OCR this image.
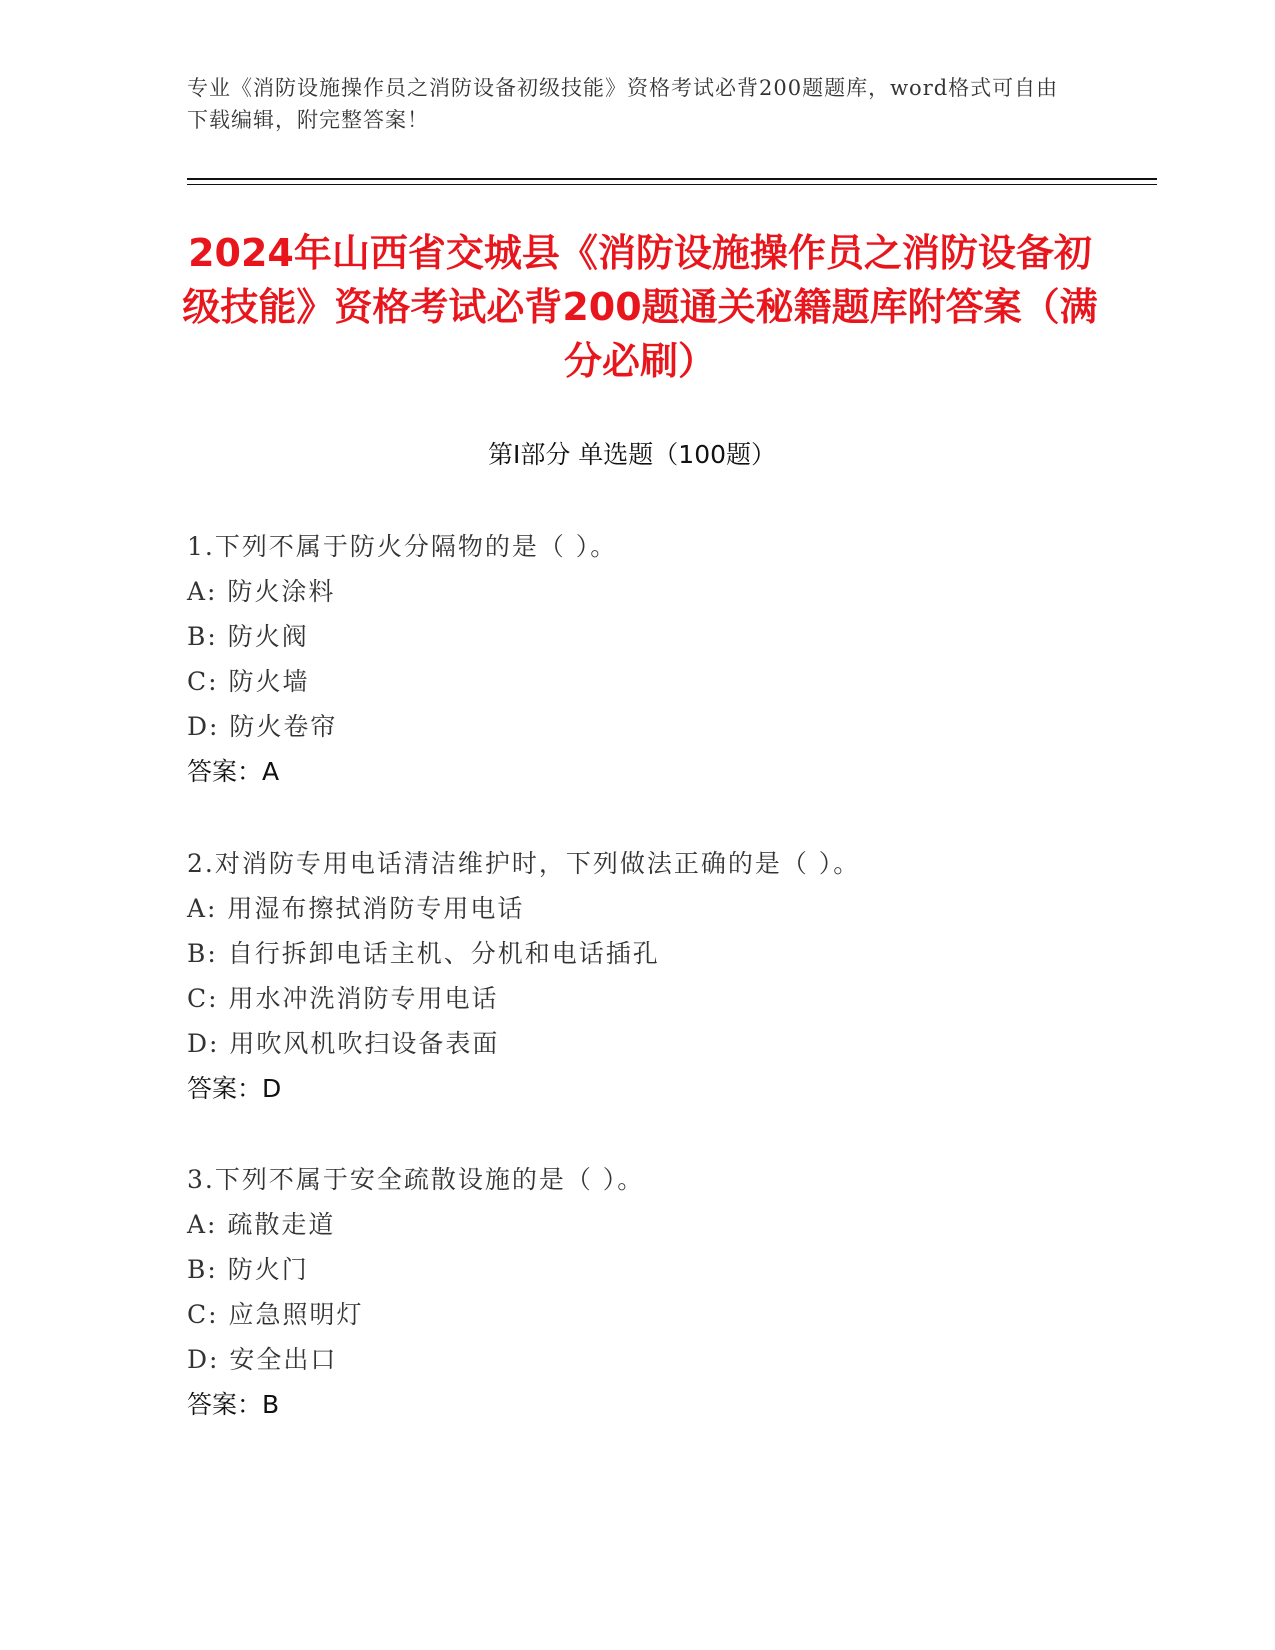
专业《消防设施操作员之消防设备初级技能》资格考试必背200题题库，word格式可自由下载编辑，附完整答案！
2024年山西省交城县《消防设施操作员之消防设备初级技能》资格考试必背200题通关秘籍题库附答案（满分必刷）
第Ⅰ部分 单选题（100题）
1.下列不属于防火分隔物的是（ ）。
A: 防火涂料
B: 防火阀
C: 防火墙
D: 防火卷帘
答案：A
2.对消防专用电话清洁维护时，下列做法正确的是（ ）。
A: 用湿布擦拭消防专用电话
B: 自行拆卸电话主机、分机和电话插孔
C: 用水冲洗消防专用电话
D: 用吹风机吹扫设备表面
答案：D
3.下列不属于安全疏散设施的是（ ）。
A: 疏散走道
B: 防火门
C: 应急照明灯
D: 安全出口
答案：B
